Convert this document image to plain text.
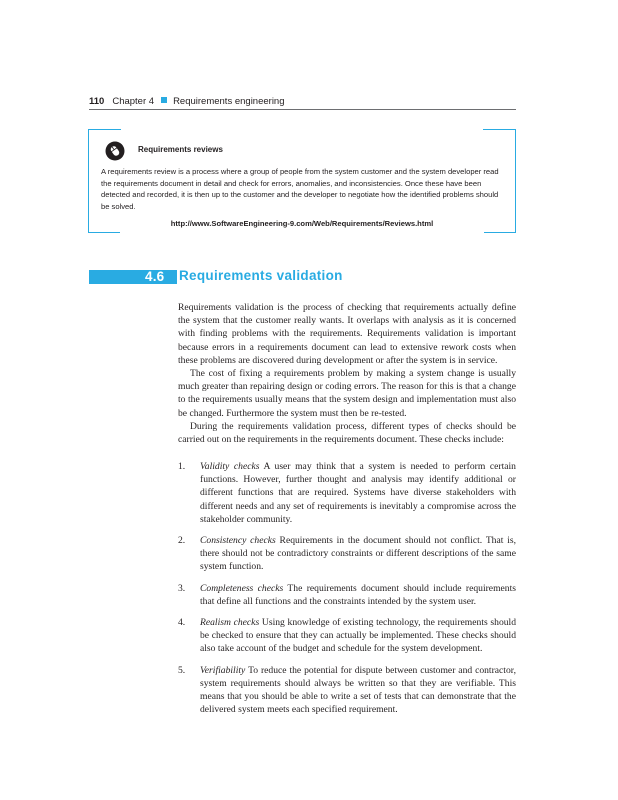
110 Chapter 4 Requirements engineering
Requirements reviews
A requirements review is a process where a group of people from the system customer and the system developer read the requirements document in detail and check for errors, anomalies, and inconsistencies. Once these have been detected and recorded, it is then up to the customer and the developer to negotiate how the identified problems should be solved.
http://www.SoftwareEngineering-9.com/Web/Requirements/Reviews.html
4.6 Requirements validation

Requirements validation is the process of checking that requirements actually define the system that the customer really wants. It overlaps with analysis as it is concerned with finding problems with the requirements. Requirements validation is important because errors in a requirements document can lead to extensive rework costs when these problems are discovered during development or after the system is in service.

The cost of fixing a requirements problem by making a system change is usually much greater than repairing design or coding errors. The reason for this is that a change to the requirements usually means that the system design and implementation must also be changed. Furthermore the system must then be re-tested.

During the requirements validation process, different types of checks should be carried out on the requirements in the requirements document. These checks include:

1. Validity checks A user may think that a system is needed to perform certain functions. However, further thought and analysis may identify additional or different functions that are required. Systems have diverse stakeholders with different needs and any set of requirements is inevitably a compromise across the stakeholder community.
2. Consistency checks Requirements in the document should not conflict. That is, there should not be contradictory constraints or different descriptions of the same system function.
3. Completeness checks The requirements document should include requirements that define all functions and the constraints intended by the system user.
4. Realism checks Using knowledge of existing technology, the requirements should be checked to ensure that they can actually be implemented. These checks should also take account of the budget and schedule for the system development.
5. Verifiability To reduce the potential for dispute between customer and contractor, system requirements should always be written so that they are verifiable. This means that you should be able to write a set of tests that can demonstrate that the delivered system meets each specified requirement.
